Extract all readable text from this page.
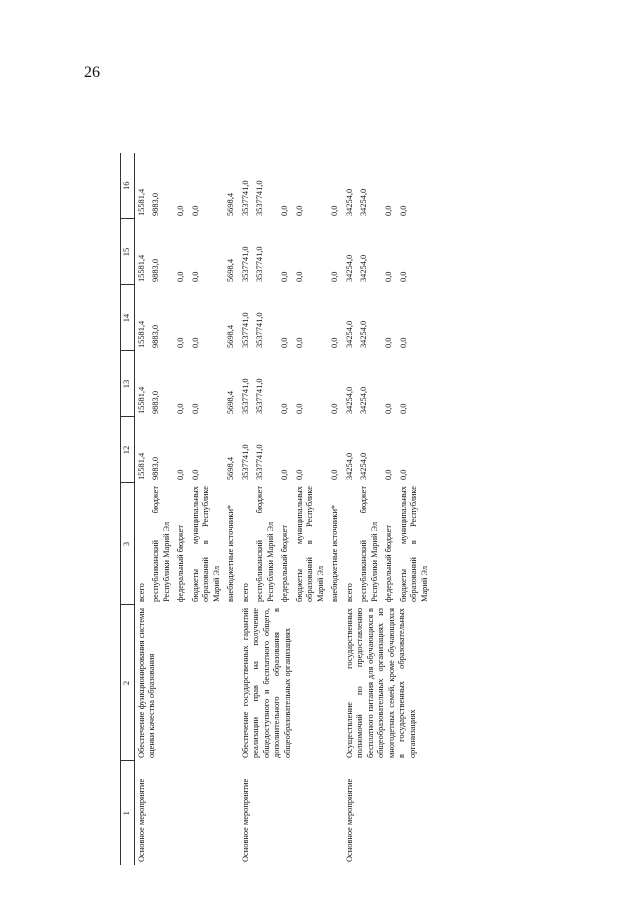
26
1	2	3	12	13	14	15	16
Основное мероприятие	Обеспечение функционирования системы оценки качества образования	всего	15581,4	15581,4	15581,4	15581,4	15581,4
		республиканский бюджет Республики Марий Эл	9883,0	9883,0	9883,0	9883,0	9883,0
		федеральный бюджет	0,0	0,0	0,0	0,0	0,0
		бюджеты муниципальных образований в Республике Марий Эл	0,0	0,0	0,0	0,0	0,0
		внебюджетные источники*	5698,4	5698,4	5698,4	5698,4	5698,4
Основное мероприятие	Обеспечение государственных гарантий реализации прав на получение общедоступного и бесплатного общего, дополнительного образования в общеобразовательных организациях	всего	3537741,0	3537741,0	3537741,0	3537741,0	3537741,0
		республиканский бюджет Республики Марий Эл	3537741,0	3537741,0	3537741,0	3537741,0	3537741,0
		федеральный бюджет	0,0	0,0	0,0	0,0	0,0
		бюджеты муниципальных образований в Республике Марий Эл	0,0	0,0	0,0	0,0	0,0
		внебюджетные источники*	0,0	0,0	0,0	0,0	0,0
Основное мероприятие	Осуществление государственных полномочий по предоставлению бесплатного питания для обучающихся в общеобразовательных организациях из многодетных семей, кроме обучающихся в государственных образовательных организациях	всего	34254,0	34254,0	34254,0	34254,0	34254,0
		республиканский бюджет Республики Марий Эл	34254,0	34254,0	34254,0	34254,0	34254,0
		федеральный бюджет	0,0	0,0	0,0	0,0	0,0
		бюджеты муниципальных образований в Республике Марий Эл	0,0	0,0	0,0	0,0	0,0
